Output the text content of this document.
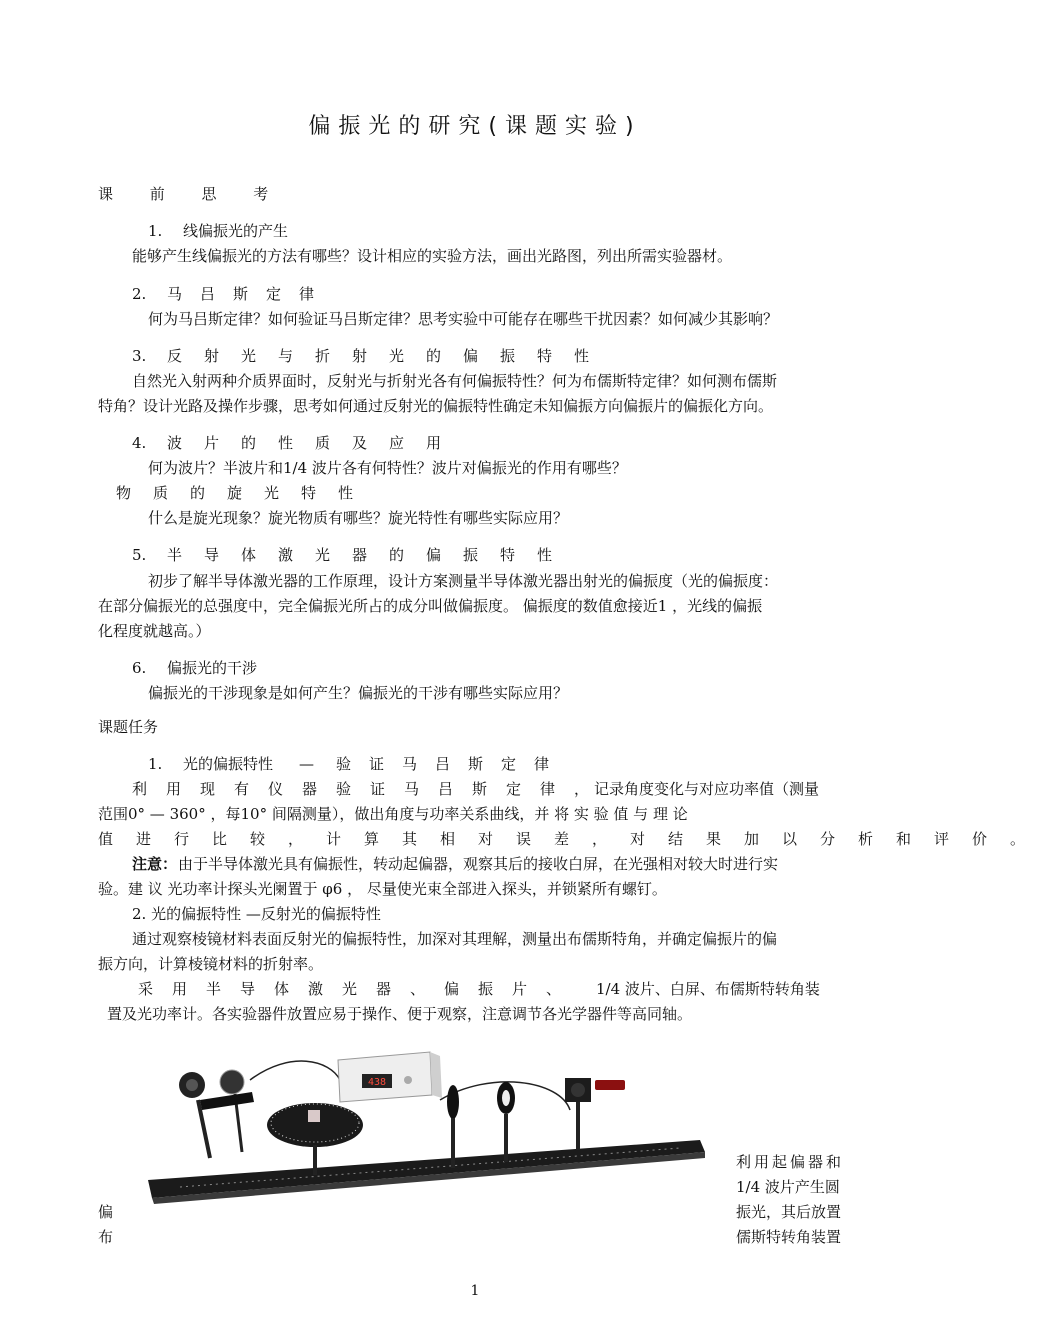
偏振光的研究(课题实验)
课 前 思 考
1. 线偏振光的产生
能够产生线偏振光的方法有哪些？设计相应的实验方法，画出光路图，列出所需实验器材。
2. 马吕斯定律
何为马吕斯定律？如何验证马吕斯定律？思考实验中可能存在哪些干扰因素？如何减少其影响？
3. 反射光与折射光的偏振特性
自然光入射两种介质界面时，反射光与折射光各有何偏振特性？何为布儒斯特定律？如何测布儒斯
特角？设计光路及操作步骤，思考如何通过反射光的偏振特性确定未知偏振方向偏振片的偏振化方向。
4. 波片的性质及应用
何为波片？半波片和1/4 波片各有何特性？波片对偏振光的作用有哪些？
物质的旋光特性
什么是旋光现象？旋光物质有哪些？旋光特性有哪些实际应用？
5. 半导体激光器的偏振特性
初步了解半导体激光器的工作原理，设计方案测量半导体激光器出射光的偏振度（光的偏振度：
在部分偏振光的总强度中，完全偏振光所占的成分叫做偏振度。 偏振度的数值愈接近1 ，光线的偏振
化程度就越高。）
6. 偏振光的干涉
偏振光的干涉现象是如何产生？偏振光的干涉有哪些实际应用？
课题任务
1. 光的偏振特性 — 验证马吕斯定律
利用现有仪器验证马吕斯定律，
记录角度变化与对应功率值（测量
范围0° — 360° ，每10° 间隔测量），做出角度与功率关系曲线，并 将 实 验 值 与 理 论
值进行比较，计算其相对误差，对结果加以分析和评价。
注意： 由于半导体激光具有偏振性，转动起偏器，观察其后的接收白屏，在光强相对较大时进行实
验。建 议 光功率计探头光阑置于 φ6 ， 尽量使光束全部进入探头，并锁紧所有螺钉。
2. 光的偏振特性 —反射光的偏振特性
通过观察棱镜材料表面反射光的偏振特性，加深对其理解，测量出布儒斯特角，并确定偏振片的偏
振方向，计算棱镜材料的折射率。
采用半导体激光器、偏振片、 1/4 波片、白屏、布儒斯特转角装
置及光功率计。各实验器件放置应易于操作、便于观察，注意调节各光学器件等高同轴。
438
利用起偏器和
1/4 波片产生圆
振光，其后放置
儒斯特转角装置
偏
布
1
